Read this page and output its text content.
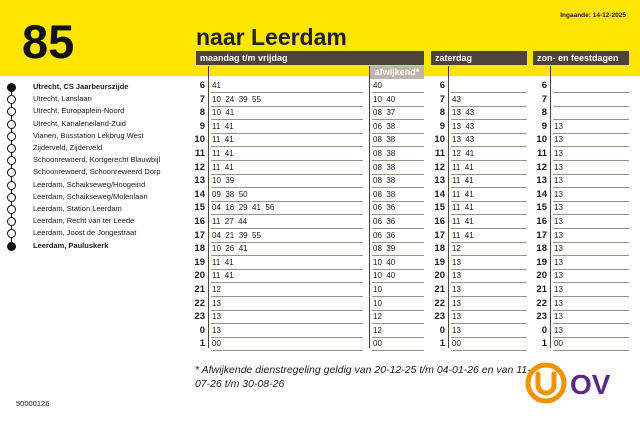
85	Ingaande: 14-12-2025
naar Leerdam
maandag t/m vrijdag	zaterdag	zon- en feestdagen
afwijkend*
Utrecht, CS Jaarbeurszijde
Utrecht, Lanslaan
Utrecht, Europaplein-Noord
Utrecht, Kanaleneiland-Zuid
Vianen, Busstation Lekbrug West
Zijderveld, Zijderveld
Schoonrewoerd, Kortgerecht Blauwbijl
Schoonrewoerd, Schoonreweerd Dorp
Leerdam, Schaikseweg/Hoogeind
Leerdam, Schaikseweg/Molenlaan
Leerdam, Station Leerdam
Leerdam, Recht van ter Leede
Leerdam, Joost de Jongestraat
Leerdam, Pauluskerk
6 41	40	6	6
7 10  24  39  55	10  40	7 43	7
8 10  41	08  37	8 13  43	8
9 11  41	06  38	9 13  43	9 13
10 11  41	08  38	10 13  43	10 13
11 11  41	08  38	11 12  41	11 13
12 11  41	08  38	12 11  41	12 13
13 10  39	08  38	13 11  41	13 13
14 09  38  50	08  38	14 11  41	14 13
15 04  16  29  41  56	06  36	15 11  41	15 13
16 11  27  44	06  36	16 11  41	16 13
17 04  21  39  55	06  36	17 11  41	17 13
18 10  26  41	08  39	18 12	18 13
19 11  41	10  40	19 13	19 13
20 11  41	10  40	20 13	20 13
21 12	10	21 13	21 13
22 13	10	22 13	22 13
23 13	12	23 13	23 13
0 13	12	0 13	0 13
1 00	00	1 00	1 00
* Afwijkende dienstregeling geldig van 20-12-25 t/m 04-01-26 en van 11-07-26 t/m 30-08-26
50000126
OV
